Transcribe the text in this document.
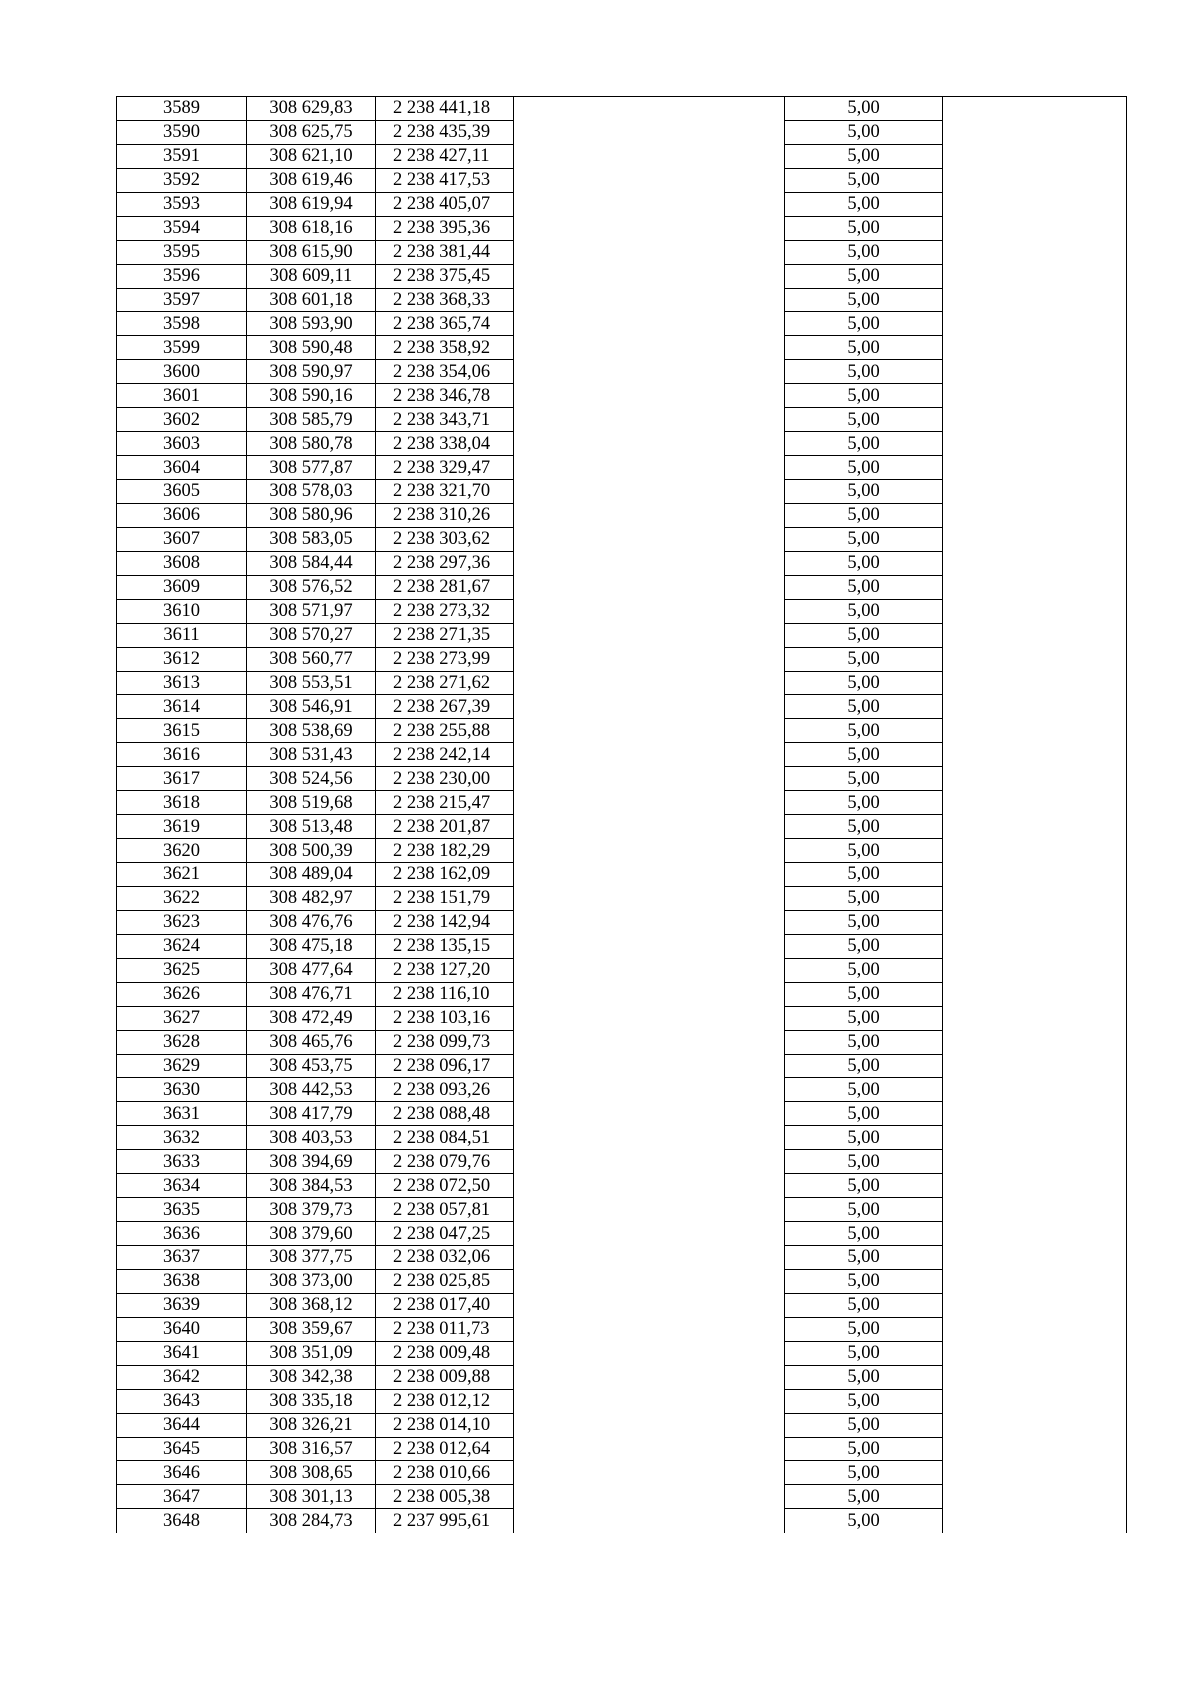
3589	308 629,83	2 238 441,18		5,00	
3590	308 625,75	2 238 435,39		5,00	
3591	308 621,10	2 238 427,11		5,00	
3592	308 619,46	2 238 417,53		5,00	
3593	308 619,94	2 238 405,07		5,00	
3594	308 618,16	2 238 395,36		5,00	
3595	308 615,90	2 238 381,44		5,00	
3596	308 609,11	2 238 375,45		5,00	
3597	308 601,18	2 238 368,33		5,00	
3598	308 593,90	2 238 365,74		5,00	
3599	308 590,48	2 238 358,92		5,00	
3600	308 590,97	2 238 354,06		5,00	
3601	308 590,16	2 238 346,78		5,00	
3602	308 585,79	2 238 343,71		5,00	
3603	308 580,78	2 238 338,04		5,00	
3604	308 577,87	2 238 329,47		5,00	
3605	308 578,03	2 238 321,70		5,00	
3606	308 580,96	2 238 310,26		5,00	
3607	308 583,05	2 238 303,62		5,00	
3608	308 584,44	2 238 297,36		5,00	
3609	308 576,52	2 238 281,67		5,00	
3610	308 571,97	2 238 273,32		5,00	
3611	308 570,27	2 238 271,35		5,00	
3612	308 560,77	2 238 273,99		5,00	
3613	308 553,51	2 238 271,62		5,00	
3614	308 546,91	2 238 267,39		5,00	
3615	308 538,69	2 238 255,88		5,00	
3616	308 531,43	2 238 242,14		5,00	
3617	308 524,56	2 238 230,00		5,00	
3618	308 519,68	2 238 215,47		5,00	
3619	308 513,48	2 238 201,87		5,00	
3620	308 500,39	2 238 182,29		5,00	
3621	308 489,04	2 238 162,09		5,00	
3622	308 482,97	2 238 151,79		5,00	
3623	308 476,76	2 238 142,94		5,00	
3624	308 475,18	2 238 135,15		5,00	
3625	308 477,64	2 238 127,20		5,00	
3626	308 476,71	2 238 116,10		5,00	
3627	308 472,49	2 238 103,16		5,00	
3628	308 465,76	2 238 099,73		5,00	
3629	308 453,75	2 238 096,17		5,00	
3630	308 442,53	2 238 093,26		5,00	
3631	308 417,79	2 238 088,48		5,00	
3632	308 403,53	2 238 084,51		5,00	
3633	308 394,69	2 238 079,76		5,00	
3634	308 384,53	2 238 072,50		5,00	
3635	308 379,73	2 238 057,81		5,00	
3636	308 379,60	2 238 047,25		5,00	
3637	308 377,75	2 238 032,06		5,00	
3638	308 373,00	2 238 025,85		5,00	
3639	308 368,12	2 238 017,40		5,00	
3640	308 359,67	2 238 011,73		5,00	
3641	308 351,09	2 238 009,48		5,00	
3642	308 342,38	2 238 009,88		5,00	
3643	308 335,18	2 238 012,12		5,00	
3644	308 326,21	2 238 014,10		5,00	
3645	308 316,57	2 238 012,64		5,00	
3646	308 308,65	2 238 010,66		5,00	
3647	308 301,13	2 238 005,38		5,00	
3648	308 284,73	2 237 995,61		5,00	
